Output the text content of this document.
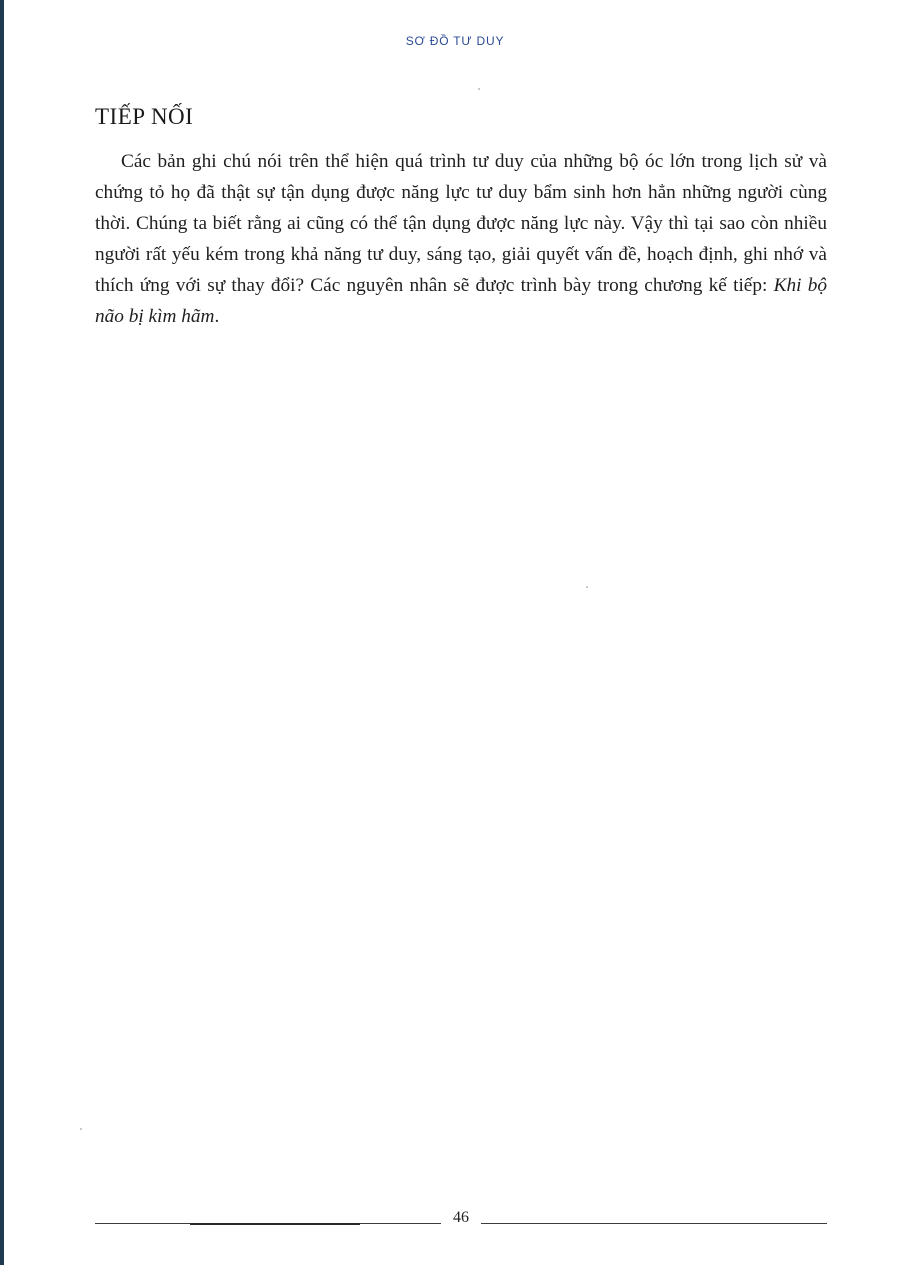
SƠ ĐỒ TƯ DUY
TIẾP NỐI

Các bản ghi chú nói trên thể hiện quá trình tư duy của những bộ óc lớn trong lịch sử và chứng tỏ họ đã thật sự tận dụng được năng lực tư duy bẩm sinh hơn hẳn những người cùng thời. Chúng ta biết rằng ai cũng có thể tận dụng được năng lực này. Vậy thì tại sao còn nhiều người rất yếu kém trong khả năng tư duy, sáng tạo, giải quyết vấn đề, hoạch định, ghi nhớ và thích ứng với sự thay đổi? Các nguyên nhân sẽ được trình bày trong chương kế tiếp: Khi bộ não bị kìm hãm.

46
